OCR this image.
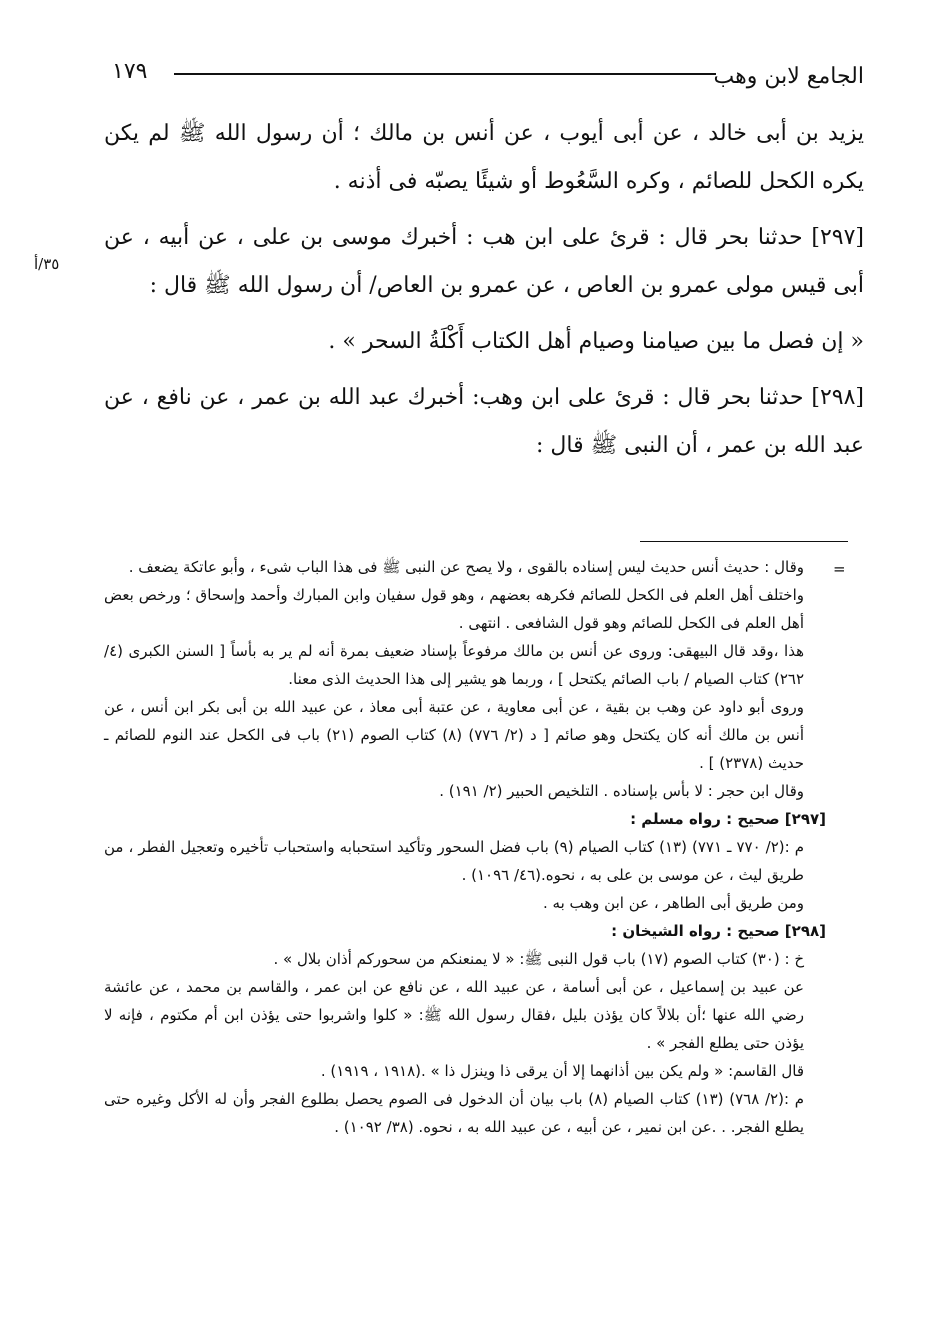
١٧٩	الجامع لابن وهب
٣٥/أ

يزيد بن أبى خالد ، عن أبى أيوب ، عن أنس بن مالك ؛ أن رسول الله ﷺ لم يكن يكره الكحل للصائم ، وكره السَّعُوط أو شيئًا يصبّه فى أذنه .

[٢٩٧] حدثنا بحر قال : قرئ على ابن هب : أخبرك موسى بن على ، عن أبيه ، عن أبى قيس مولى عمرو بن العاص ، عن عمرو بن العاص/ أن رسول الله ﷺ قال :

« إن فصل ما بين صيامنا وصيام أهل الكتاب أَكْلَةُ السحر » .

[٢٩٨] حدثنا بحر قال : قرئ على ابن وهب: أخبرك عبد الله بن عمر ، عن نافع ، عن عبد الله بن عمر ، أن النبى ﷺ قال :

=

وقال : حديث أنس حديث ليس إسناده بالقوى ، ولا يصح عن النبى ﷺ فى هذا الباب شىء ، وأبو عاتكة يضعف .

واختلف أهل العلم فى الكحل للصائم فكرهه بعضهم ، وهو قول سفيان وابن المبارك وأحمد وإسحاق ؛ ورخص بعض أهل العلم فى الكحل للصائم وهو قول الشافعى . انتهى .

هذا ،وقد قال البيهقى: وروى عن أنس بن مالك مرفوعاً بإسناد ضعيف بمرة أنه لم ير به بأساً [ السنن الكبرى (٤/ ٢٦٢) كتاب الصيام / باب الصائم يكتحل ] ، وربما هو يشير إلى هذا الحديث الذى معنا.

وروى أبو داود عن وهب بن بقية ، عن أبى معاوية ، عن عتبة أبى معاذ ، عن عبيد الله بن أبى بكر ابن أنس ، عن أنس بن مالك أنه كان يكتحل وهو صائم [ د (٢/ ٧٧٦) (٨) كتاب الصوم (٢١) باب فى الكحل عند النوم للصائم ـ حديث (٢٣٧٨) ] .

وقال ابن حجر : لا بأس بإسناده . التلخيص الحبير (٢/ ١٩١) .

[٢٩٧] صحيح : رواه مسلم :

م :(٢/ ٧٧٠ ـ ٧٧١) (١٣) كتاب الصيام (٩) باب فضل السحور وتأكيد استحبابه واستحباب تأخيره وتعجيل الفطر ، من طريق ليث ، عن موسى بن على به ، نحوه.(٤٦/ ١٠٩٦) .

ومن طريق أبى الطاهر ، عن ابن وهب به .

[٢٩٨] صحيح : رواه الشيخان :

خ : (٣٠) كتاب الصوم (١٧) باب قول النبى ﷺ: « لا يمنعنكم من سحوركم أذان بلال » .

عن عبيد بن إسماعيل ، عن أبى أسامة ، عن عبيد الله ، عن نافع عن ابن عمر ، والقاسم بن محمد ، عن عائشة رضي الله عنها ؛أن بلالاً كان يؤذن بليل ،فقال رسول الله ﷺ: « كلوا واشربوا حتى يؤذن ابن أم مكتوم ، فإنه لا يؤذن حتى يطلع الفجر » .

قال القاسم: « ولم يكن بين أذانهما إلا أن يرقى ذا وينزل ذا » .(١٩١٨ ، ١٩١٩) .

م :(٢/ ٧٦٨) (١٣) كتاب الصيام (٨) باب بيان أن الدخول فى الصوم يحصل بطلوع الفجر وأن له الأكل وغيره حتى يطلع الفجر. . .عن ابن نمير ، عن أبيه ، عن عبيد الله به ، نحوه. (٣٨/ ١٠٩٢) .
